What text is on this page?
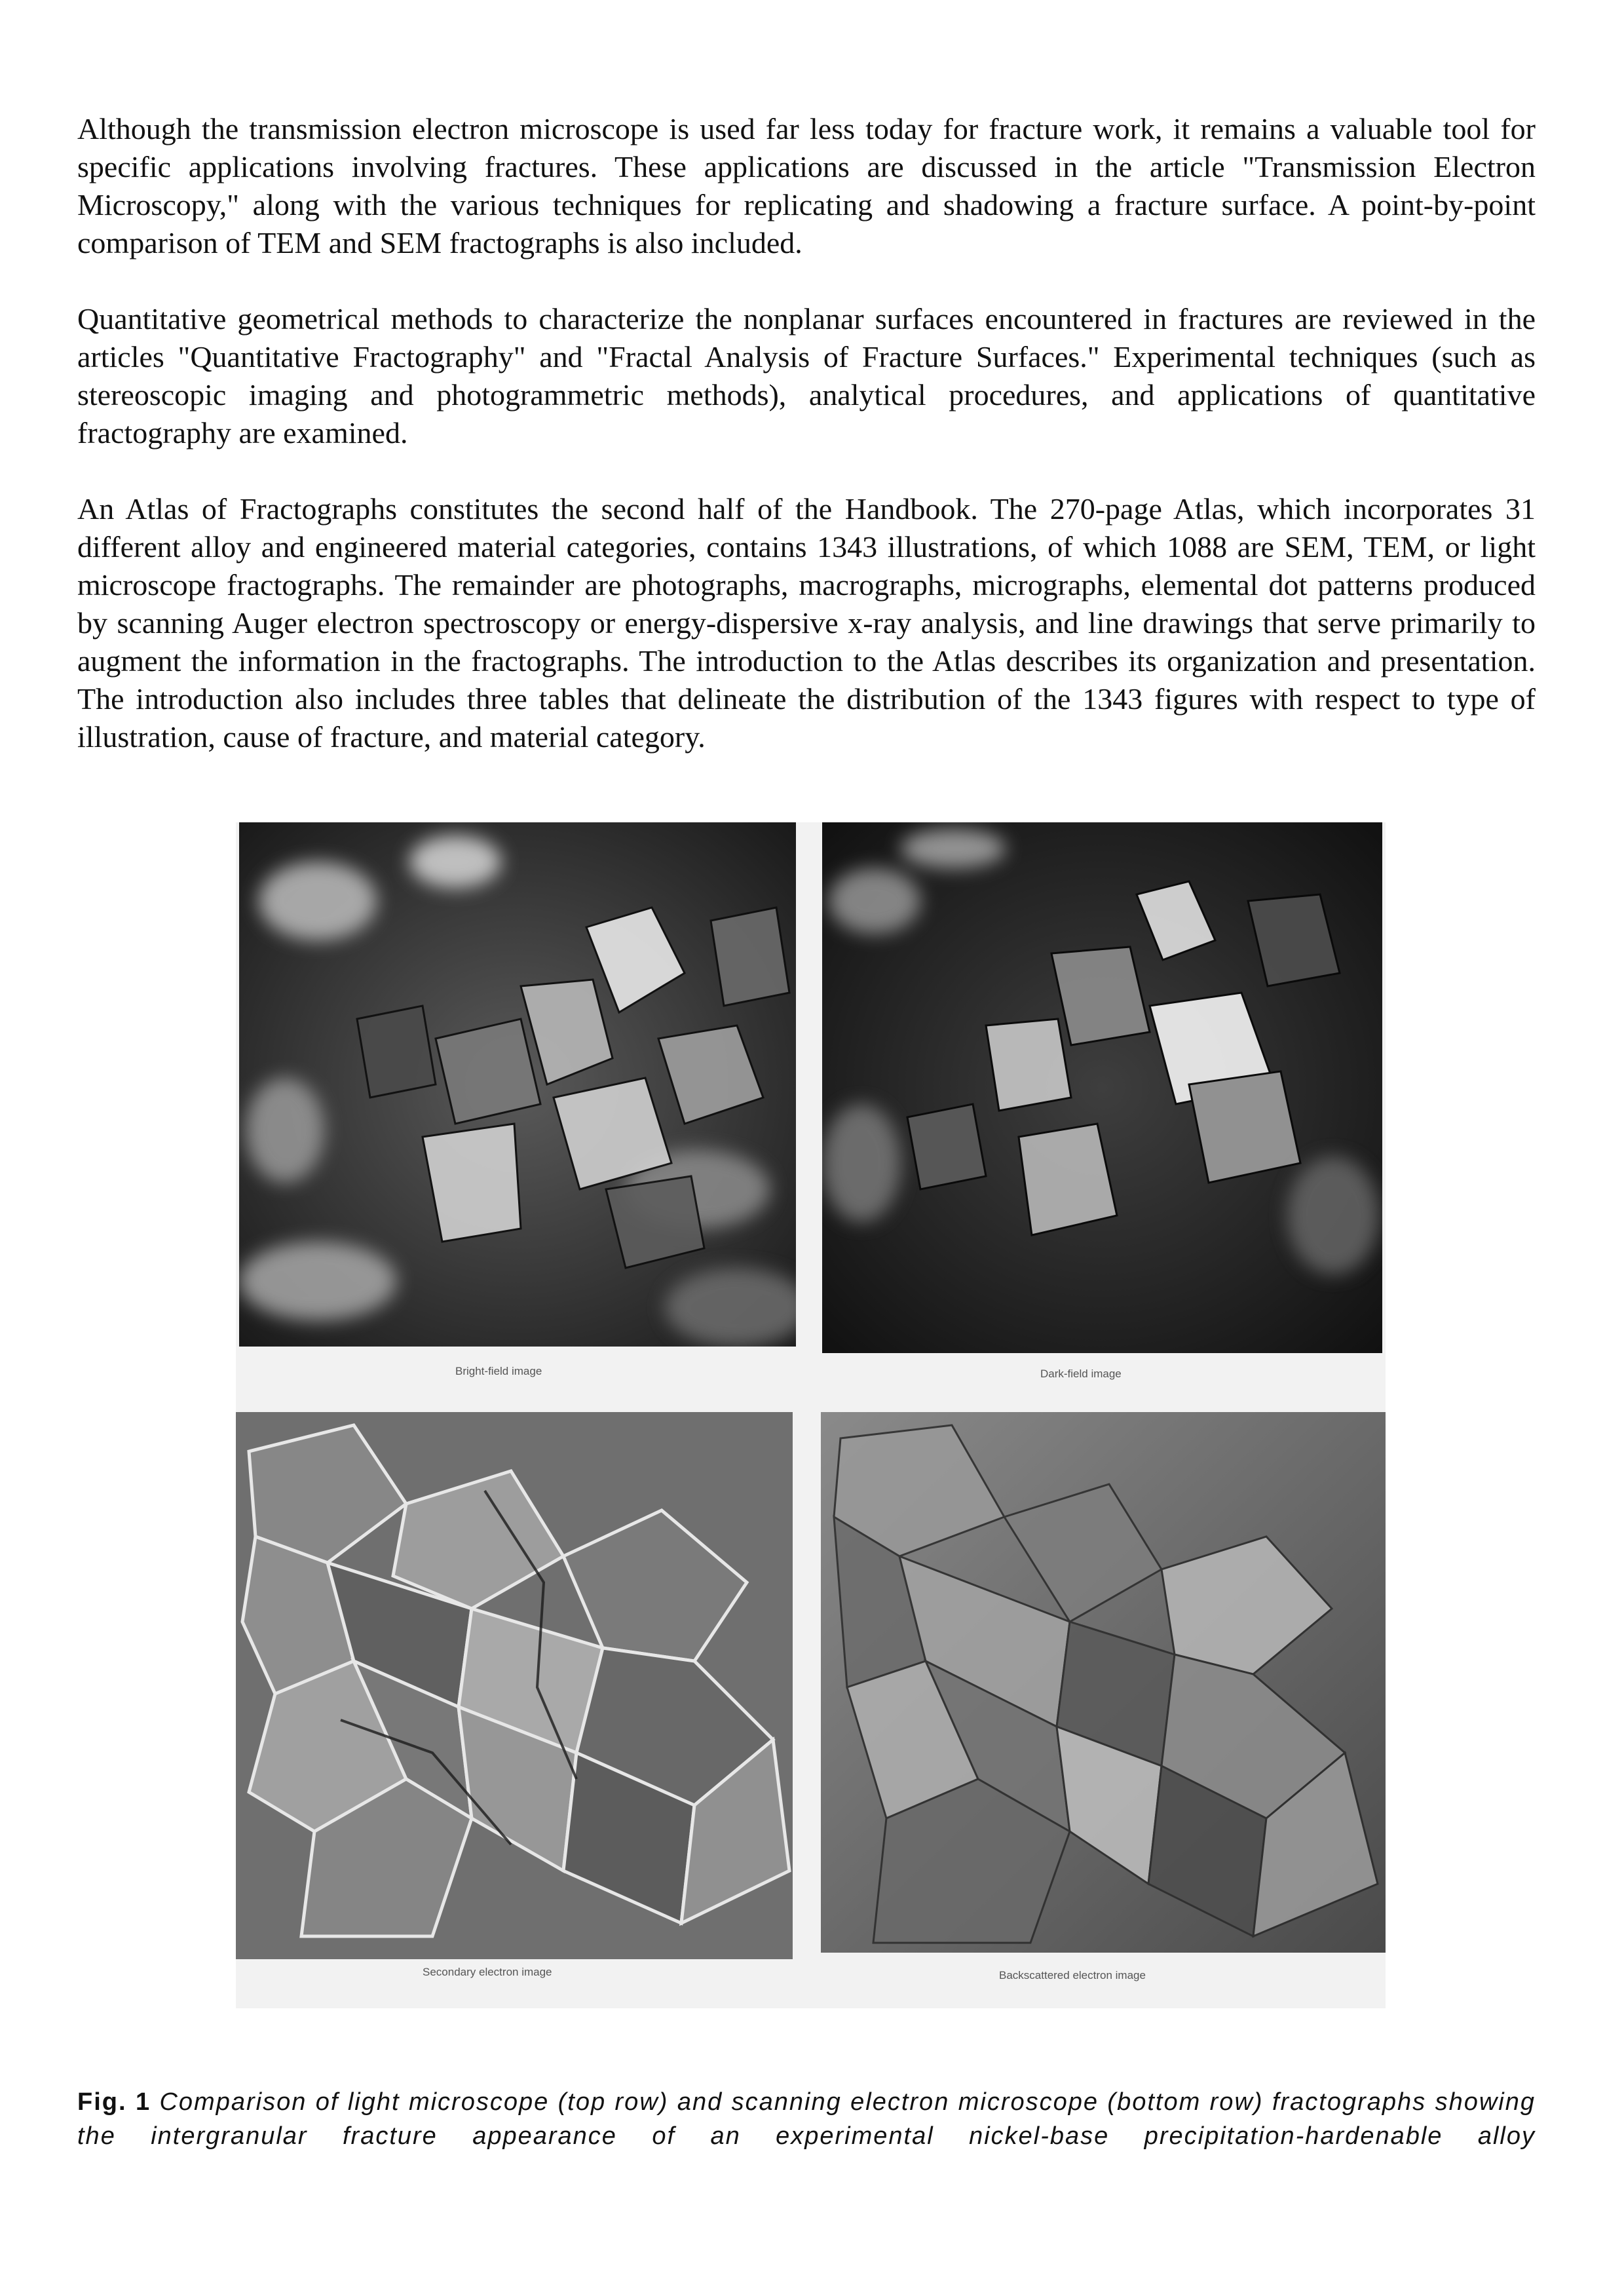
Although the transmission electron microscope is used far less today for fracture work, it remains a valuable tool for specific applications involving fractures. These applications are discussed in the article "Transmission Electron Microscopy," along with the various techniques for replicating and shadowing a fracture surface. A point-by-point comparison of TEM and SEM fractographs is also included.

Quantitative geometrical methods to characterize the nonplanar surfaces encountered in fractures are reviewed in the articles "Quantitative Fractography" and "Fractal Analysis of Fracture Surfaces." Experimental techniques (such as stereoscopic imaging and photogrammetric methods), analytical procedures, and applications of quantitative fractography are examined.

An Atlas of Fractographs constitutes the second half of the Handbook. The 270-page Atlas, which incorporates 31 different alloy and engineered material categories, contains 1343 illustrations, of which 1088 are SEM, TEM, or light microscope fractographs. The remainder are photographs, macrographs, micrographs, elemental dot patterns produced by scanning Auger electron spectroscopy or energy-dispersive x-ray analysis, and line drawings that serve primarily to augment the information in the fractographs. The introduction to the Atlas describes its organization and presentation. The introduction also includes three tables that delineate the distribution of the 1343 figures with respect to type of illustration, cause of fracture, and material category.

Bright-field image	Dark-field image
Secondary electron image	Backscattered electron image

Fig. 1 Comparison of light microscope (top row) and scanning electron microscope (bottom row) fractographs showing the intergranular fracture appearance of an experimental nickel-base precipitation-hardenable alloy
